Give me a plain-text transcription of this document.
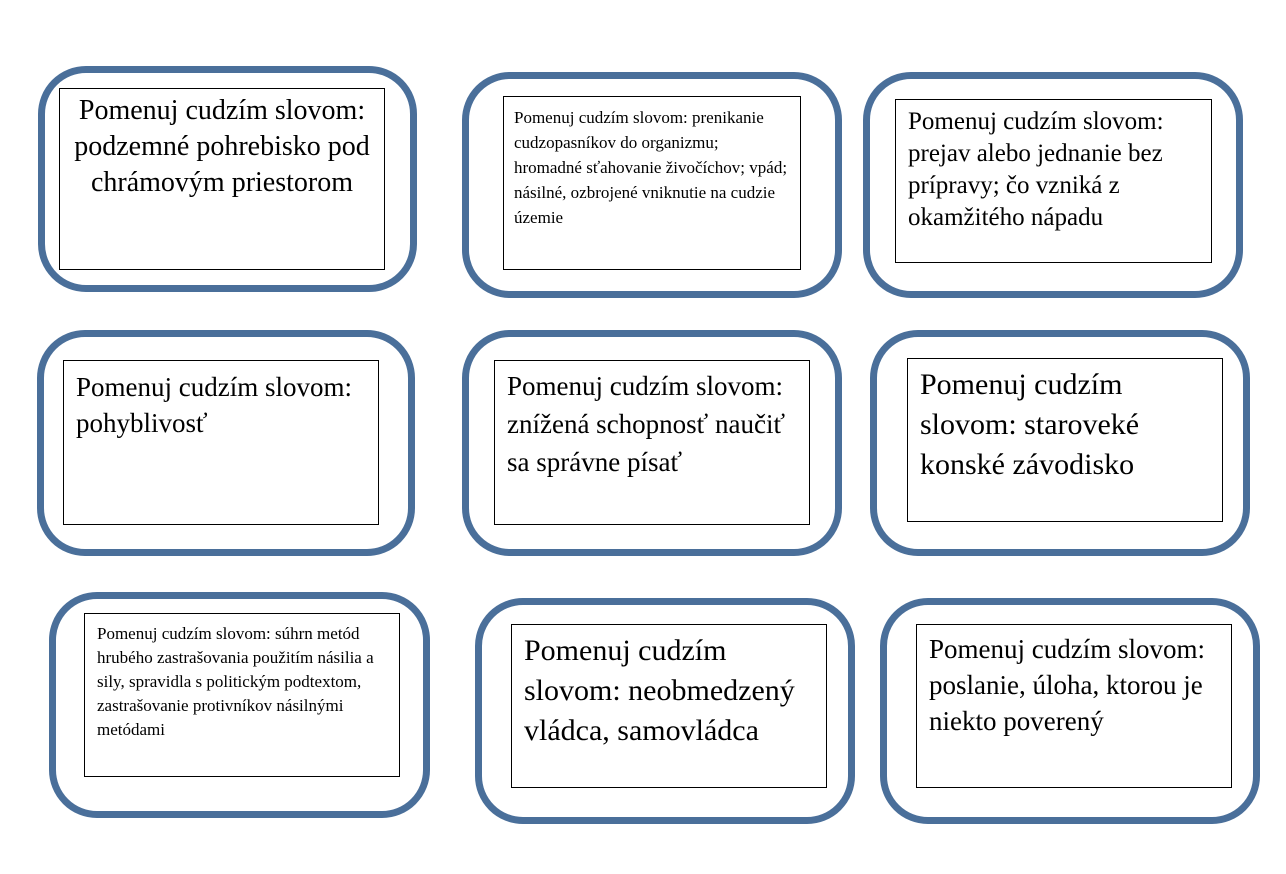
Pomenuj cudzím slovom: podzemné pohrebisko pod chrámovým priestorom

Pomenuj cudzím slovom: prenikanie cudzopasníkov do organizmu; hromadné sťahovanie živočíchov; vpád; násilné, ozbrojené vniknutie na cudzie územie

Pomenuj cudzím slovom: prejav alebo jednanie bez prípravy; čo vzniká z okamžitého nápadu

Pomenuj cudzím slovom: pohyblivosť

Pomenuj cudzím slovom: znížená schopnosť naučiť sa správne písať

Pomenuj cudzím slovom: staroveké konské závodisko

Pomenuj cudzím slovom: súhrn metód hrubého zastrašovania použitím násilia a sily, spravidla s politickým podtextom, zastrašovanie protivníkov násilnými metódami

Pomenuj cudzím slovom: neobmedzený vládca, samovládca

Pomenuj cudzím slovom: poslanie, úloha, ktorou je niekto poverený
